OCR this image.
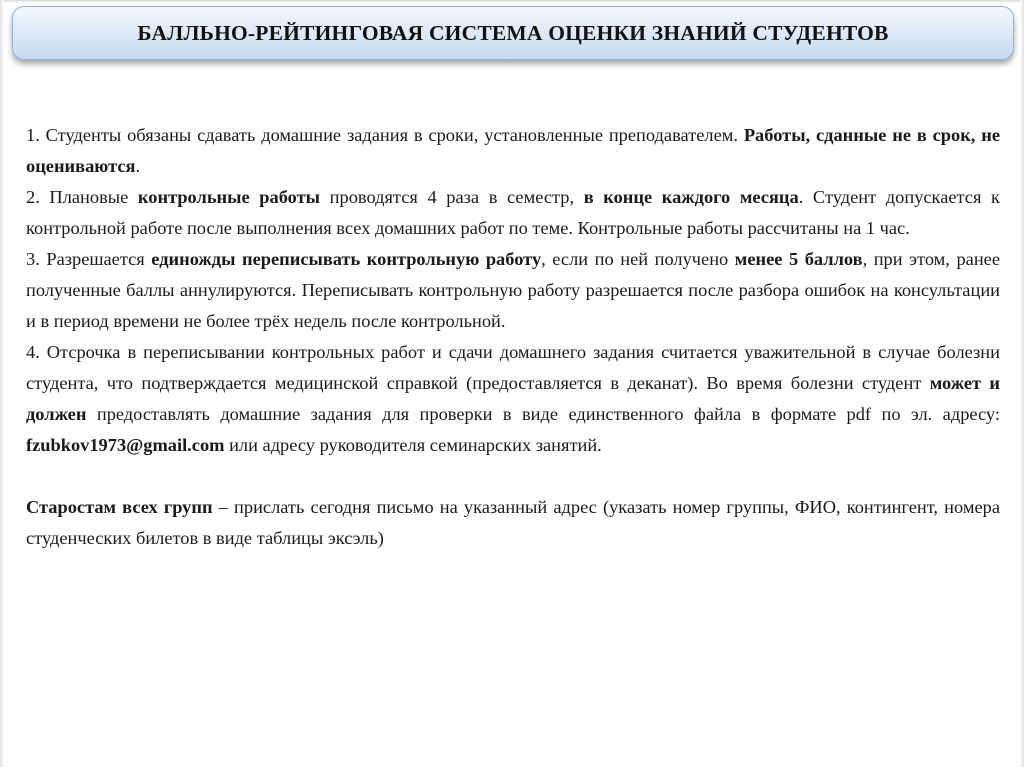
БАЛЛЬНО-РЕЙТИНГОВАЯ СИСТЕМА ОЦЕНКИ ЗНАНИЙ СТУДЕНТОВ

1. Студенты обязаны сдавать домашние задания в сроки, установленные преподавателем. Работы, сданные не в срок, не оцениваются.

2. Плановые контрольные работы проводятся 4 раза в семестр, в конце каждого месяца. Студент допускается к контрольной работе после выполнения всех домашних работ по теме. Контрольные работы рассчитаны на 1 час.

3. Разрешается единожды переписывать контрольную работу, если по ней получено менее 5 баллов, при этом, ранее полученные баллы аннулируются. Переписывать контрольную работу разрешается после разбора ошибок на консультации и в период времени не более трёх недель после контрольной.

4. Отсрочка в переписывании контрольных работ и сдачи домашнего задания считается уважительной в случае болезни студента, что подтверждается медицинской справкой (предоставляется в деканат). Во время болезни студент может и должен предоставлять домашние задания для проверки в виде единственного файла в формате pdf по эл. адресу: fzubkov1973@gmail.com или адресу руководителя семинарских занятий.

Старостам всех групп – прислать сегодня письмо на указанный адрес (указать номер группы, ФИО, контингент, номера студенческих билетов в виде таблицы эксэль)
